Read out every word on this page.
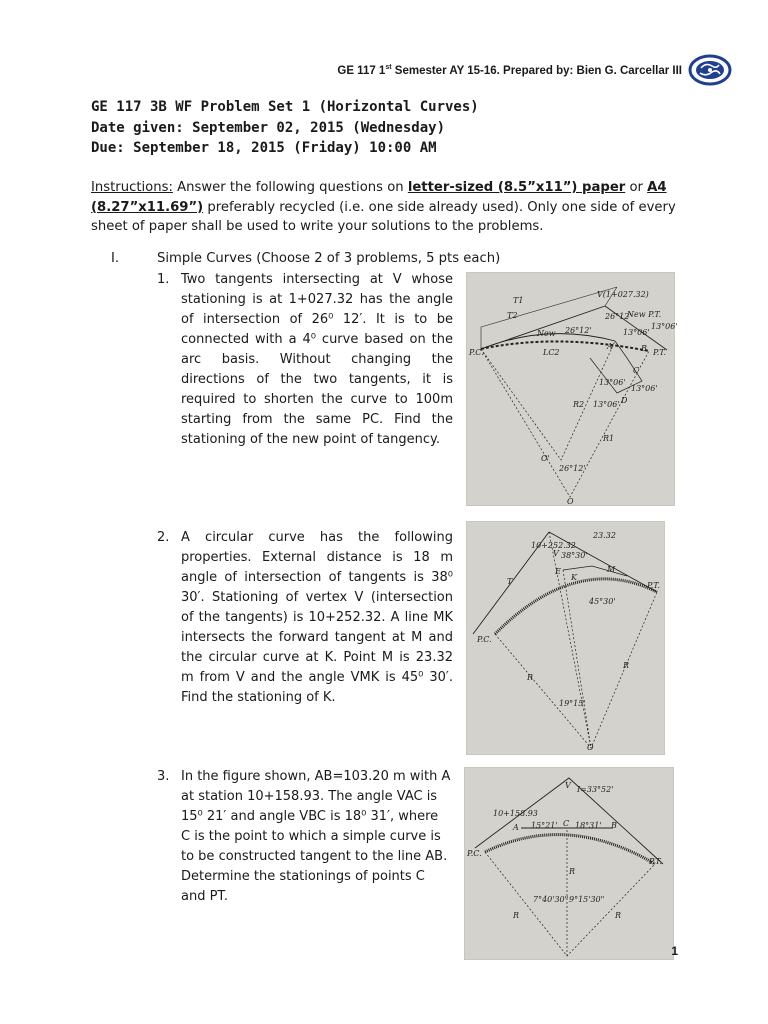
GE 117 1st Semester AY 15-16. Prepared by: Bien G. Carcellar III
GE 117 3B WF Problem Set 1 (Horizontal Curves)
Date given: September 02, 2015 (Wednesday)
Due: September 18, 2015 (Friday) 10:00 AM
Instructions: Answer the following questions on letter-sized (8.5”x11”) paper or A4 (8.27”x11.69”) preferably recycled (i.e. one side already used). Only one side of every sheet of paper shall be used to write your solutions to the problems.
I.	Simple Curves (Choose 2 of 3 problems, 5 pts each)
1. Two tangents intersecting at V whose stationing is at 1+027.32 has the angle of intersection of 26⁰ 12′. It is to be connected with a 4⁰ curve based on the arc basis. Without changing the directions of the two tangents, it is required to shorten the curve to 100m starting from the same PC. Find the stationing of the new point of tangency.
T1
T2
V(1+027.32)
26°12'
New P.T.
New 26°12'	13°06'
13°06'
P.C.	LC2
A	B P.T.
13°06'
C
13°06'
R2 13°06' D
R1
O'
26°12'
O
2. A circular curve has the following properties. External distance is 18 m angle of intersection of tangents is 38⁰ 30′. Stationing of vertex V (intersection of the tangents) is 10+252.32. A line MK intersects the forward tangent at M and the circular curve at K. Point M is 23.32 m from V and the angle VMK is 45⁰ 30′. Find the stationing of K.
10+252.32
23.32
V 38°30'
T
E
K
M
45°30'
P.C.
P.T.
R
R
19°15'
O
3. In the figure shown, AB=103.20 m with A at station 10+158.93. The angle VAC is 15⁰ 21′ and angle VBC is 18⁰ 31′, where C is the point to which a simple curve is to be constructed tangent to the line AB. Determine the stationings of points C and PT.
V I=33°52'
10+158.93
A 15°21' C 18°31' B
P.C.
P.T.
R
R	R
7°40'30" 9°15'30"
1
